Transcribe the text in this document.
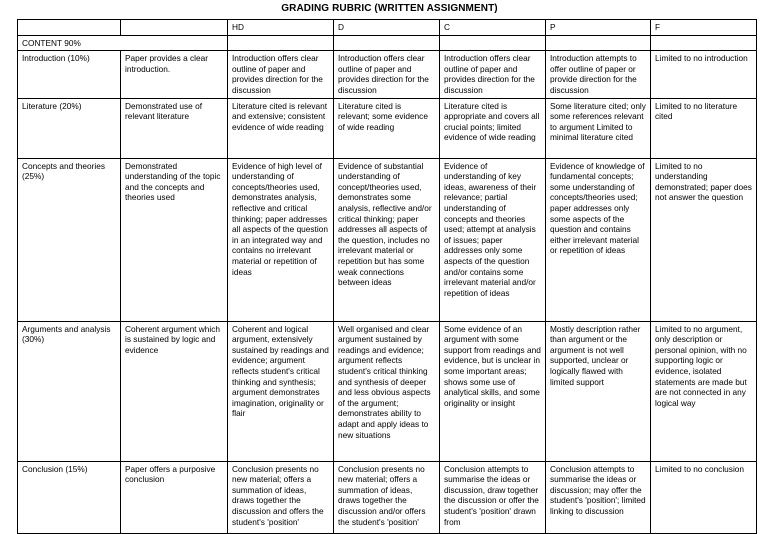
GRADING RUBRIC (WRITTEN ASSIGNMENT)
		HD	D	C	P	F
CONTENT 90%						
Introduction (10%)	Paper provides a clear introduction.	Introduction offers clear outline of paper and provides direction for the discussion	Introduction offers clear outline of paper and provides direction for the discussion	Introduction offers clear outline of paper and provides direction for the discussion	Introduction attempts to offer outline of paper or provide direction for the discussion	Limited to no introduction
Literature (20%)	Demonstrated use of relevant literature	Literature cited is relevant and extensive; consistent evidence of wide reading	Literature cited is relevant; some evidence of wide reading	Literature cited is appropriate and covers all crucial points; limited evidence of wide reading	Some literature cited; only some references relevant to argument Limited to minimal literature cited	Limited to no literature cited
Concepts and theories (25%)	Demonstrated understanding of the topic and the concepts and theories used	Evidence of high level of understanding of concepts/theories used, demonstrates analysis, reflective and critical thinking; paper addresses all aspects of the question in an integrated way and contains no irrelevant material or repetition of ideas	Evidence of substantial understanding of concept/theories used, demonstrates some analysis, reflective and/or critical thinking; paper addresses all aspects of the question, includes no irrelevant material or repetition but has some weak connections between ideas	Evidence of understanding of key ideas, awareness of their relevance; partial understanding of concepts and theories used; attempt at analysis of issues; paper addresses only some aspects of the question and/or contains some irrelevant material and/or repetition of ideas	Evidence of knowledge of fundamental concepts; some understanding of concepts/theories used; paper addresses only some aspects of the question and contains either irrelevant material or repetition of ideas	Limited to no understanding demonstrated; paper does not answer the question
Arguments and analysis (30%)	Coherent argument which is sustained by logic and evidence	Coherent and logical argument, extensively sustained by readings and evidence; argument reflects student's critical thinking and synthesis; argument demonstrates imagination, originality or flair	Well organised and clear argument sustained by readings and evidence; argument reflects student's critical thinking and synthesis of deeper and less obvious aspects of the argument; demonstrates ability to adapt and apply ideas to new situations	Some evidence of an argument with some support from readings and evidence, but is unclear in some important areas; shows some use of analytical skills, and some originality or insight	Mostly description rather than argument or the argument is not well supported, unclear or logically flawed with limited support	Limited to no argument, only description or personal opinion, with no supporting logic or evidence, isolated statements are made but are not connected in any logical way
Conclusion (15%)	Paper offers a purposive conclusion	Conclusion presents no new material; offers a summation of ideas, draws together the discussion and offers the student's 'position'	Conclusion presents no new material; offers a summation of ideas, draws together the discussion and/or offers the student's 'position'	Conclusion attempts to summarise the ideas or discussion, draw together the discussion or offer the student's 'position' drawn from	Conclusion attempts to summarise the ideas or discussion; may offer the student's 'position'; limited linking to discussion	Limited to no conclusion
